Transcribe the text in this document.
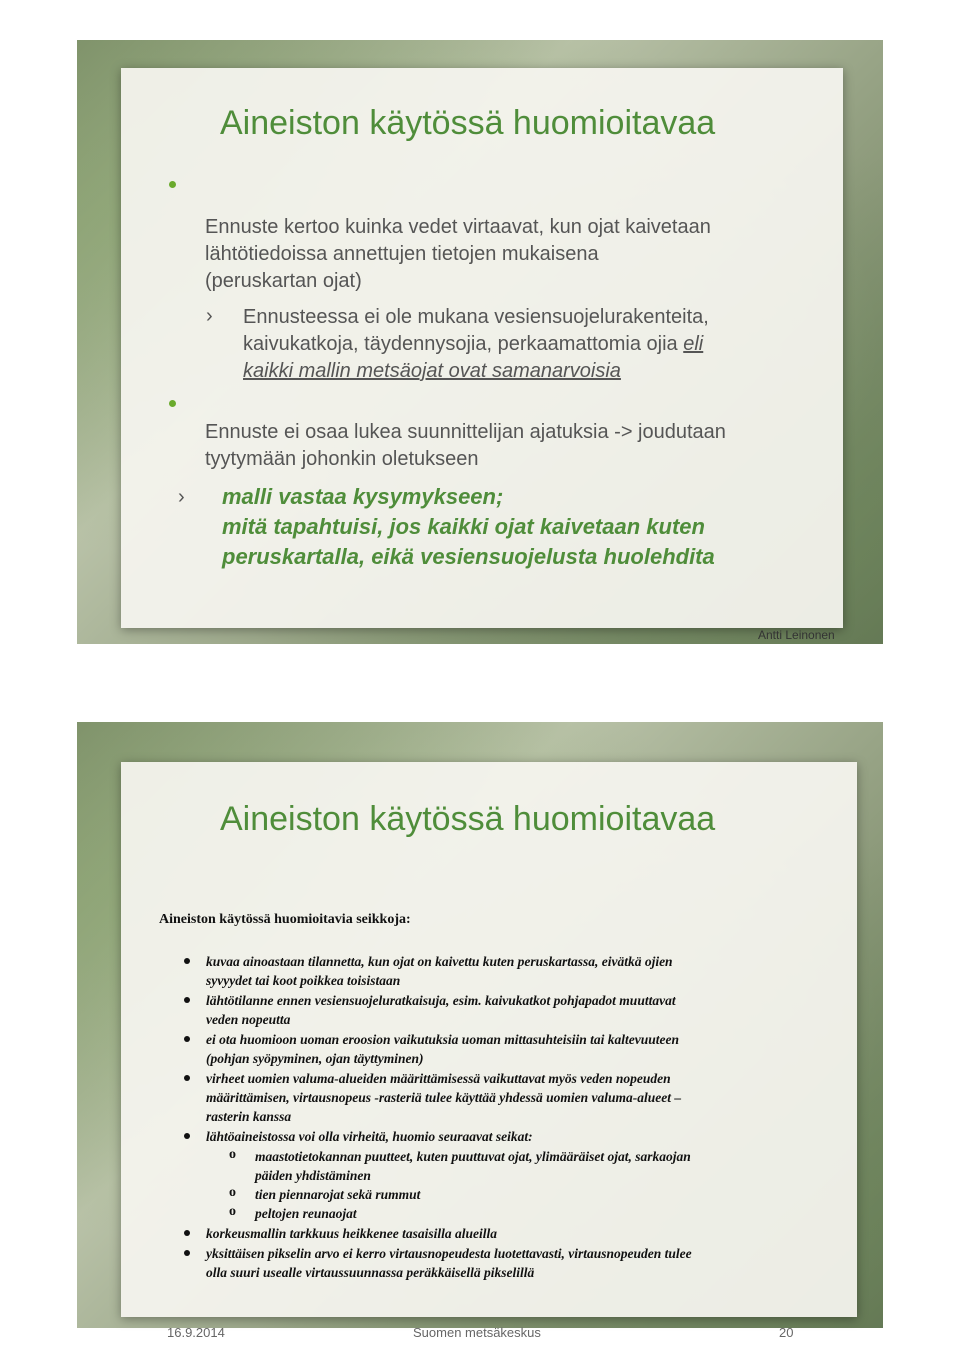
Aineiston käytössä huomioitavaa
Ennuste kertoo kuinka vedet virtaavat, kun ojat kaivetaan
lähtötiedoissa annettujen tietojen mukaisena
(peruskartan ojat)
› Ennusteessa ei ole mukana vesiensuojelurakenteita,
kaivukatkoja, täydennysojia, perkaamattomia ojia eli
kaikki mallin metsäojat ovat samanarvoisia
Ennuste ei osaa lukea suunnittelijan ajatuksia -> joudutaan
tyytymään johonkin oletukseen
› malli vastaa kysymykseen;
mitä tapahtuisi, jos kaikki ojat kaivetaan kuten
peruskartalla, eikä vesiensuojelusta huolehdita
Antti Leinonen
Aineiston käytössä huomioitavaa
Aineiston käytössä huomioitavia seikkoja:
kuvaa ainoastaan tilannetta, kun ojat on kaivettu kuten peruskartassa, eivätkä ojien
syvyydet tai koot poikkea toisistaan
lähtötilanne ennen vesiensuojeluratkaisuja, esim. kaivukatkot pohjapadot muuttavat
veden nopeutta
ei ota huomioon uoman eroosion vaikutuksia uoman mittasuhteisiin tai kaltevuuteen
(pohjan syöpyminen, ojan täyttyminen)
virheet uomien valuma-alueiden määrittämisessä vaikuttavat myös veden nopeuden
määrittämisen, virtausnopeus -rasteriä tulee käyttää yhdessä uomien valuma-alueet –
rasterin kanssa
lähtöaineistossa voi olla virheitä, huomio seuraavat seikat:
o maastotietokannan puutteet, kuten puuttuvat ojat, ylimääräiset ojat, sarkaojan
päiden yhdistäminen
o tien piennarojat sekä rummut
o peltojen reunaojat
korkeusmallin tarkkuus heikkenee tasaisilla alueilla
yksittäisen pikselin arvo ei kerro virtausnopeudesta luotettavasti, virtausnopeuden tulee
olla suuri usealle virtaussuunnassa peräkkäisellä pikselillä
16.9.2014	Suomen metsäkeskus	20
